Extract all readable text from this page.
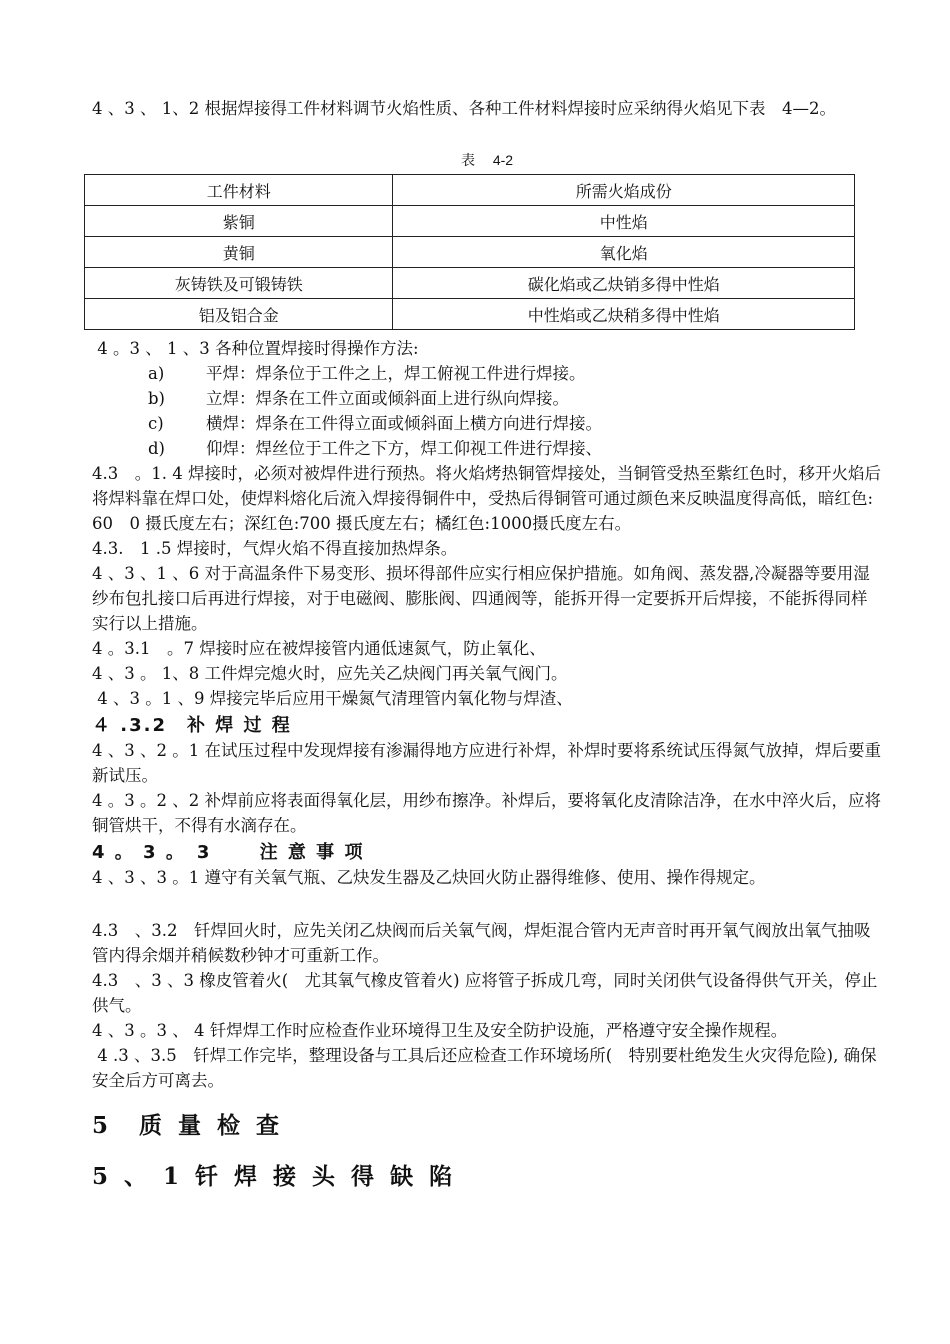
4 、3 、 1、2 根据焊接得工件材料调节火焰性质、各种工件材料焊接时应采纳得火焰见下表　4—2。

表　 4-2
工件材料	所需火焰成份
紫铜	中性焰
黄铜	氧化焰
灰铸铁及可锻铸铁	碳化焰或乙炔销多得中性焰
铝及铝合金	中性焰或乙炔稍多得中性焰

4 。3 、 1 、3 各种位置焊接时得操作方法:

a)	平焊：焊条位于工件之上，焊工俯视工件进行焊接。

b) 立焊：焊条在工件立面或倾斜面上进行纵向焊接。

c)	横焊：焊条在工件得立面或倾斜面上横方向进行焊接。

d) 仰焊：焊丝位于工件之下方，焊工仰视工件进行焊接、

4.3　。1. 4 焊接时，必须对被焊件进行预热。将火焰烤热铜管焊接处，当铜管受热至紫红色时，移开火焰后将焊料靠在焊口处，使焊料熔化后流入焊接得铜件中，受热后得铜管可通过颜色来反映温度得高低，暗红色:60　0 摄氏度左右；深红色:700 摄氏度左右；橘红色:1000摄氏度左右。

4.3.　1 .5 焊接时，气焊火焰不得直接加热焊条。

4 、3 、1 、6 对于高温条件下易变形、损坏得部件应实行相应保护措施。如角阀、蒸发器,冷凝器等要用湿纱布包扎接口后再进行焊接，对于电磁阀、膨胀阀、四通阀等，能拆开得一定要拆开后焊接，不能拆得同样实行以上措施。

4 。3.1　。7 焊接时应在被焊接管内通低速氮气，防止氧化、

4 、3 。 1、8 工件焊完熄火时，应先关乙炔阀门再关氧气阀门。

4 、3 。1 、9 焊接完毕后应用干燥氮气清理管内氧化物与焊渣、

４ .3.2　补 焊 过 程

4 、3 、2 。1 在试压过程中发现焊接有渗漏得地方应进行补焊，补焊时要将系统试压得氮气放掉，焊后要重新试压。

4 。3 。2 、2 补焊前应将表面得氧化层，用纱布擦净。补焊后，要将氧化皮清除洁净，在水中淬火后，应将铜管烘干，不得有水滴存在。

4 。 3 。　3　　 注 意 事 项

4 、3 、3 。1 遵守有关氧气瓶、乙炔发生器及乙炔回火防止器得维修、使用、操作得规定。

4.3　、3.2　钎焊回火时，应先关闭乙炔阀而后关氧气阀，焊炬混合管内无声音时再开氧气阀放出氧气抽吸管内得余烟并稍候数秒钟才可重新工作。

4.3　、3 、3 橡皮管着火(　尤其氧气橡皮管着火) 应将管子拆成几弯，同时关闭供气设备得供气开关，停止供气。

4 、3 。3 、 4 钎焊焊工作时应检查作业环境得卫生及安全防护设施，严格遵守安全操作规程。

4 .3 、3.5　钎焊工作完毕，整理设备与工具后还应检查工作环境场所(　特别要杜绝发生火灾得危险), 确保安全后方可离去。

5　质 量 检 查

5 、 1 钎 焊 接 头 得 缺 陷
